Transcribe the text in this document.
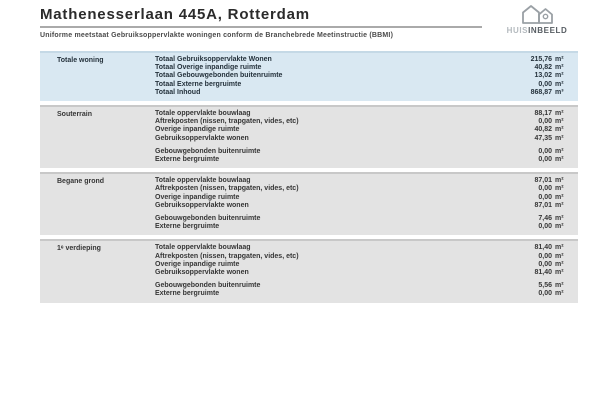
Mathenesserlaan 445A, Rotterdam
Uniforme meetstaat Gebruiksoppervlakte woningen conform de Branchebrede Meetinstructie (BBMI)
HUISINBEELD
Totale woning	Totaal Gebruiksoppervlakte Wonen	215,76 m²
Totaal Overige inpandige ruimte	40,82 m²
Totaal Gebouwgebonden buitenruimte	13,02 m²
Totaal Externe bergruimte	0,00 m²
Totaal Inhoud	868,87 m³
Souterrain	Totale oppervlakte bouwlaag	88,17 m²
Aftrekposten (nissen, trapgaten, vides, etc)	0,00 m²
Overige inpandige ruimte	40,82 m²
Gebruiksoppervlakte wonen	47,35 m²
Gebouwgebonden buitenruimte	0,00 m²
Externe bergruimte	0,00 m²
Begane grond	Totale oppervlakte bouwlaag	87,01 m²
Aftrekposten (nissen, trapgaten, vides, etc)	0,00 m²
Overige inpandige ruimte	0,00 m²
Gebruiksoppervlakte wonen	87,01 m²
Gebouwgebonden buitenruimte	7,46 m²
Externe bergruimte	0,00 m²
1ᵉ verdieping	Totale oppervlakte bouwlaag	81,40 m²
Aftrekposten (nissen, trapgaten, vides, etc)	0,00 m²
Overige inpandige ruimte	0,00 m²
Gebruiksoppervlakte wonen	81,40 m²
Gebouwgebonden buitenruimte	5,56 m²
Externe bergruimte	0,00 m²
